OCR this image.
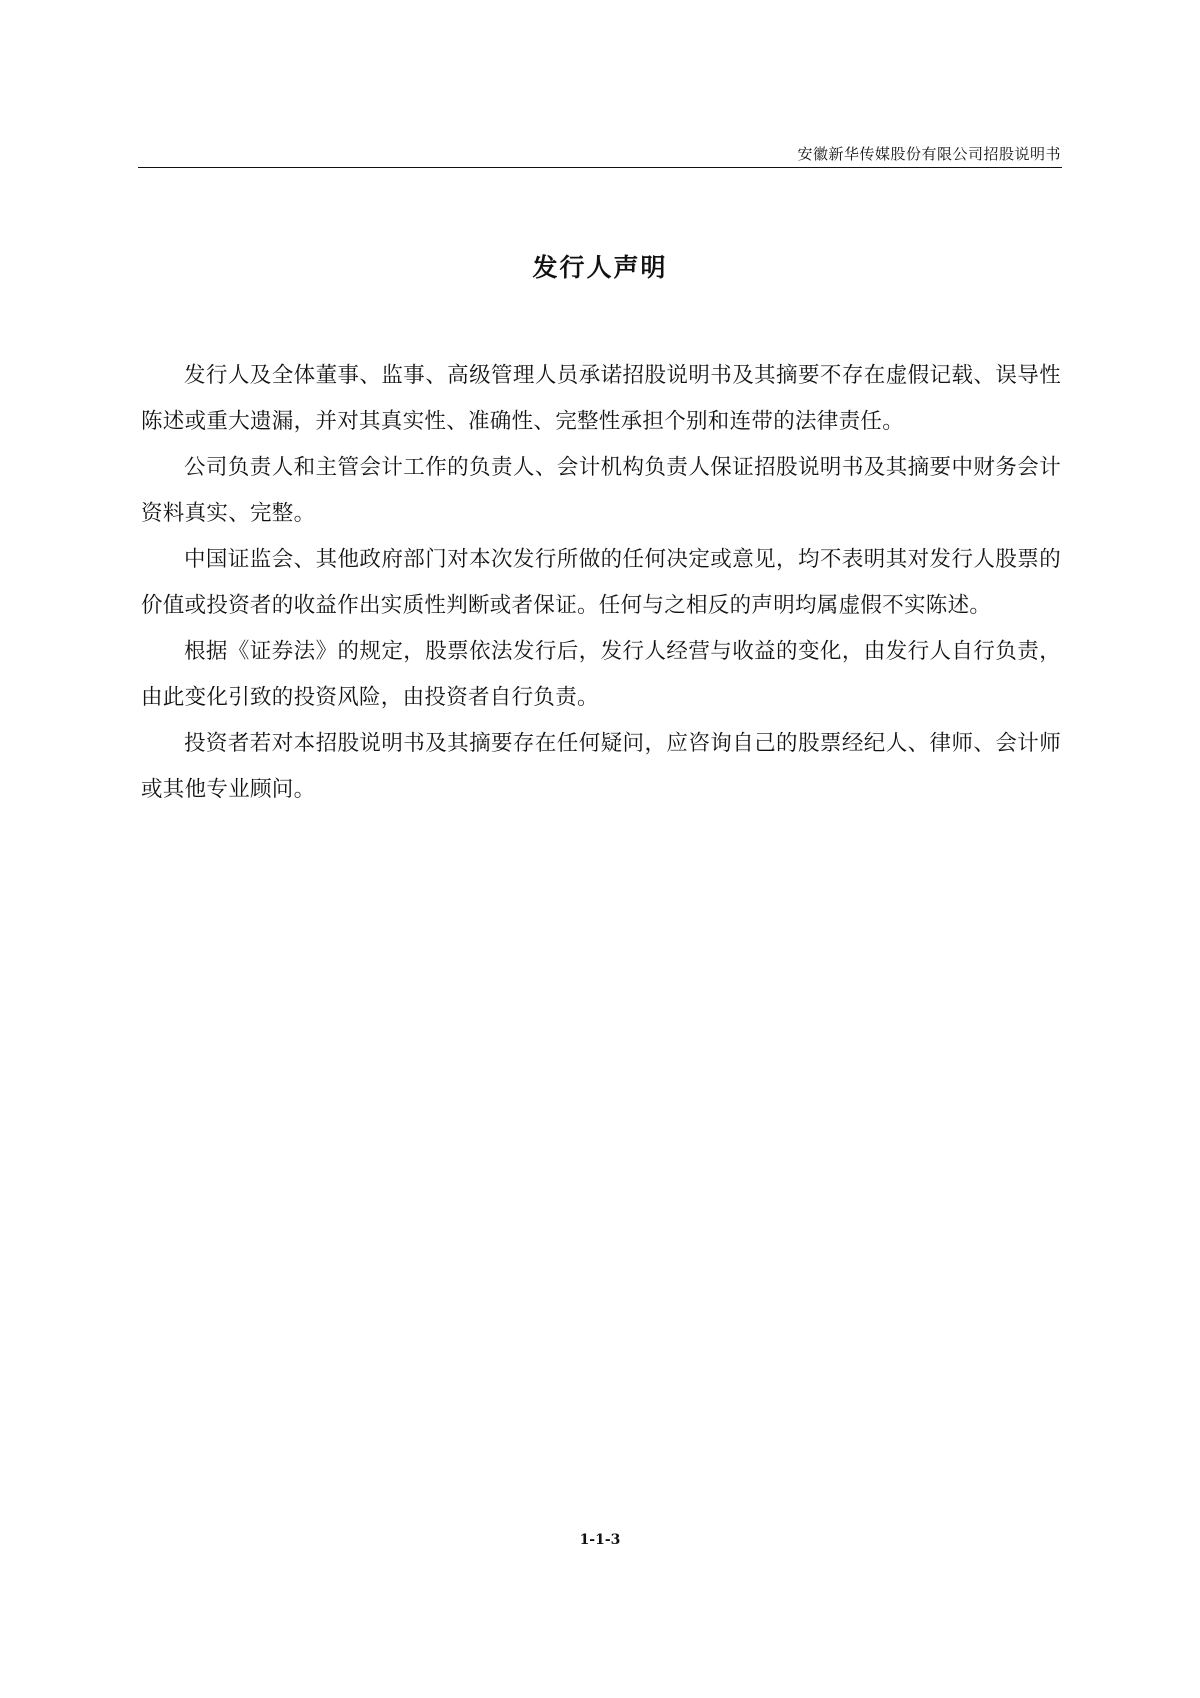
安徽新华传媒股份有限公司招股说明书
发行人声明

发行人及全体董事、监事、高级管理人员承诺招股说明书及其摘要不存在虚假记载、误导性陈述或重大遗漏，并对其真实性、准确性、完整性承担个别和连带的法律责任。

公司负责人和主管会计工作的负责人、会计机构负责人保证招股说明书及其摘要中财务会计资料真实、完整。

中国证监会、其他政府部门对本次发行所做的任何决定或意见，均不表明其对发行人股票的价值或投资者的收益作出实质性判断或者保证。任何与之相反的声明均属虚假不实陈述。

根据《证券法》的规定，股票依法发行后，发行人经营与收益的变化，由发行人自行负责，由此变化引致的投资风险，由投资者自行负责。

投资者若对本招股说明书及其摘要存在任何疑问，应咨询自己的股票经纪人、律师、会计师或其他专业顾问。

1-1-3
